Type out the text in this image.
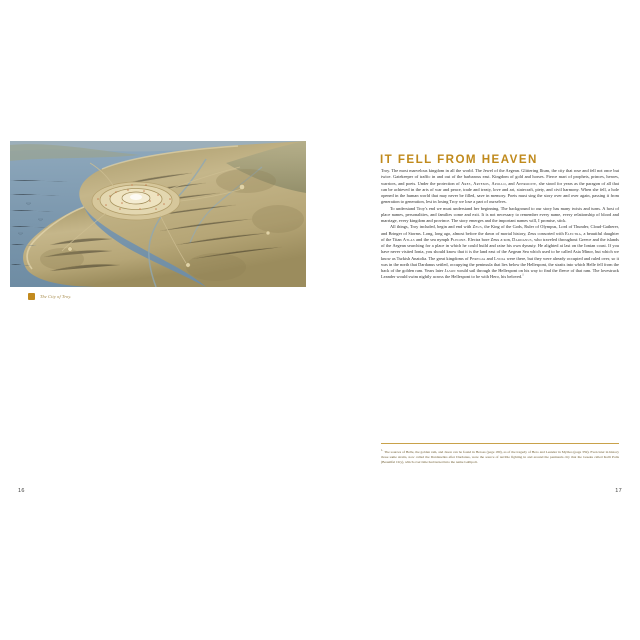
The City of Troy.
16
IT FELL FROM HEAVEN

Troy. The most marvelous kingdom in all the world. The Jewel of the Aegean. Glittering Ilium, the city that rose and fell not once but twice. Gatekeeper of traffic in and out of the barbarous east. Kingdom of gold and horses. Fierce mart of prophets, princes, heroes, warriors, and poets. Under the protection of Ares, Artemis, Apollo, and Aphrodite, she stood for years as the paragon of all that can be achieved in the arts of war and peace, trade and treaty, love and art, statecraft, piety, and civil harmony. When she fell, a hole opened in the human world that may never be filled, save in memory. Poets must sing the story over and over again, passing it from generation to generation, lest in losing Troy we lose a part of ourselves.

To understand Troy's end we must understand her beginning. The background to our story has many twists and turns. A host of place names, personalities, and families come and exit. It is not necessary to remember every name, every relationship of blood and marriage, every kingdom and province. The story emerges and the important names will, I promise, stick.

All things, Troy included, begin and end with Zeus, the King of the Gods, Ruler of Olympus, Lord of Thunder, Cloud-Gatherer, and Bringer of Storms. Long, long ago, almost before the dawn of mortal history, Zeus consorted with Electra, a beautiful daughter of the Titan Atlas and the sea nymph Pleione. Electra bore Zeus a son, Dardanus, who traveled throughout Greece and the islands of the Aegean searching for a place in which he could build and raise his own dynasty. He alighted at last on the Ionian coast. If you have never visited Ionia, you should know that it is the land east of the Aegean Sea which used to be called Asia Minor, but which we know as Turkish Anatolia. The great kingdoms of Phrygia and Lydia were there, but they were already occupied and ruled over, so it was in the north that Dardanus settled, occupying the peninsula that lies below the Hellespont, the straits into which Helle fell from the back of the golden ram. Years later Jason would sail through the Hellespont on his way to find the fleece of that ram. The lovestruck Leander would swim nightly across the Hellespont to be with Hero, his beloved.$^1$

1. The sources of Helle, the golden ram, and Jason can be found in Heroes (page 180), as of the tragedy of Hero and Leander in Mythos (page 359). Even later in history those same straits, now called the Dardanelles after Dardanus, were the source of terrible fighting in and around the peninsula city that the Greeks called Kalli Polis (Beautiful City), which over time had turned into the name Gallipoli.
17
